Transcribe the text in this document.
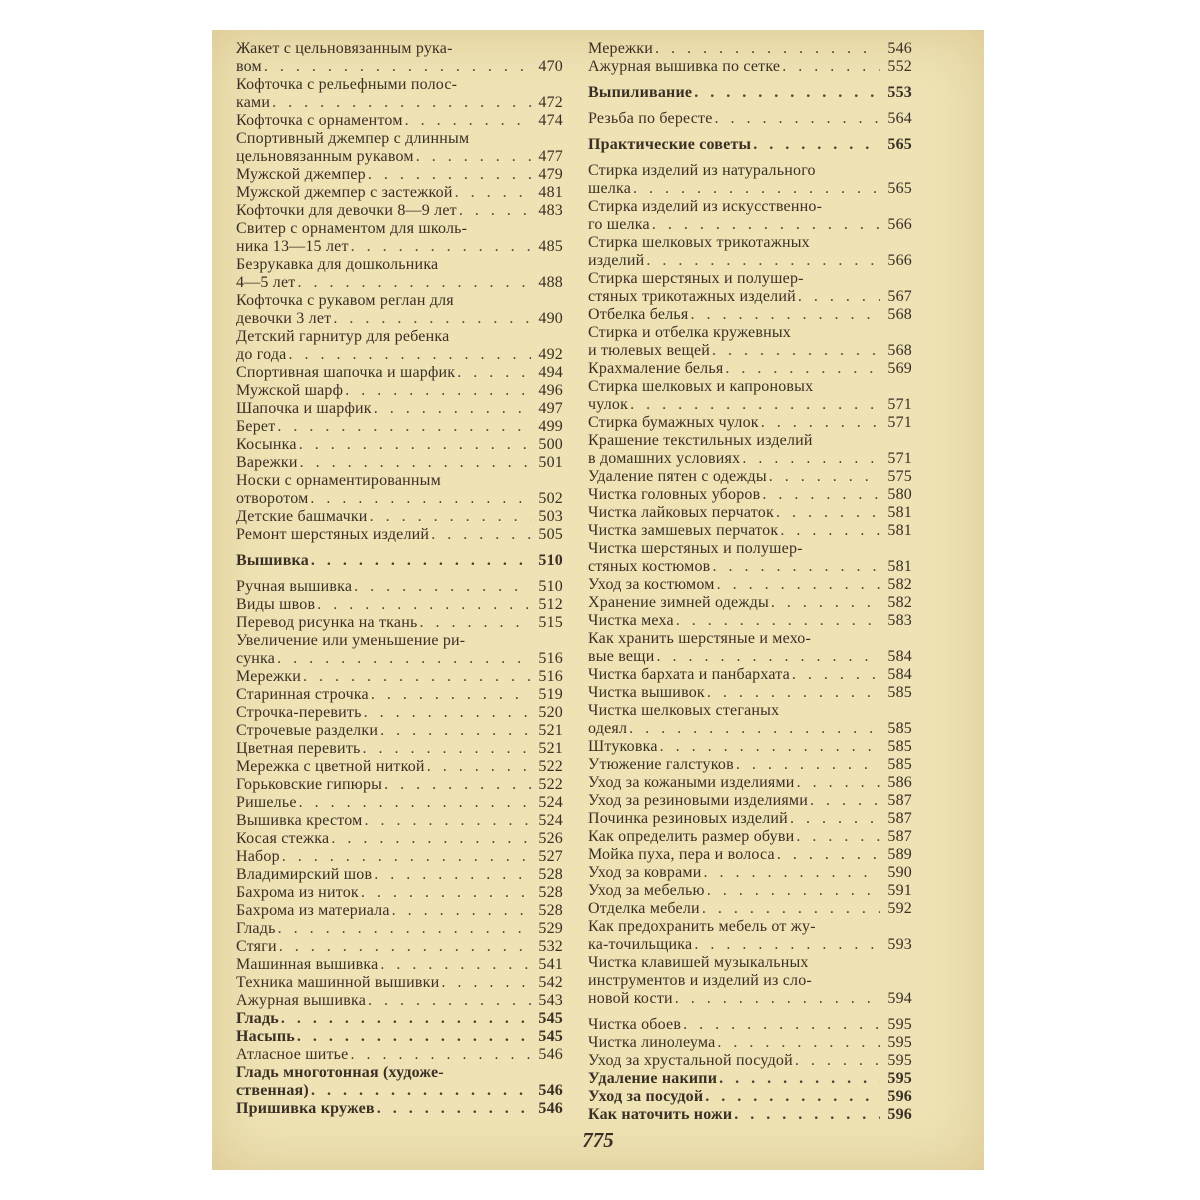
Жакет с цельновязанным рука-
вом . . .	470
Кофточка с рельефными полос-
ками . . .	472
Кофточка с орнаментом . . .	474
Спортивный джемпер с длинным
цельновязанным рукавом . . .	477
Мужской джемпер . . .	479
Мужской джемпер с застежкой . . .	481
Кофточки для девочки 8—9 лет . . .	483
Свитер с орнаментом для школь-
ника 13—15 лет . . .	485
Безрукавка для дошкольника
4—5 лет . . .	488
Кофточка с рукавом реглан для
девочки 3 лет . . .	490
Детский гарнитур для ребенка
до года . . .	492
Спортивная шапочка и шарфик . . .	494
Мужской шарф . . .	496
Шапочка и шарфик . . .	497
Берет . . .	499
Косынка . . .	500
Варежки . . .	501
Носки с орнаментированным
отворотом . . .	502
Детские башмачки . . .	503
Ремонт шерстяных изделий . . .	505
Вышивка . . .	510
Ручная вышивка . . .	510
Виды швов . . .	512
Перевод рисунка на ткань . . .	515
Увеличение или уменьшение ри-
сунка . . .	516
Мережки . . .	516
Старинная строчка . . .	519
Строчка-перевить . . .	520
Строчевые разделки . . .	521
Цветная перевить . . .	521
Мережка с цветной ниткой . . .	522
Горьковские гипюры . . .	522
Ришелье . . .	524
Вышивка крестом . . .	524
Косая стежка . . .	526
Набор . . .	527
Владимирский шов . . .	528
Бахрома из ниток . . .	528
Бахрома из материала . . .	528
Гладь . . .	529
Стяги . . .	532
Машинная вышивка . . .	541
Техника машинной вышивки . . .	542
Ажурная вышивка . . .	543
Гладь . . .	545
Насыпь . . .	545
Атласное шитье . . .	546
Гладь многотонная (художе-
ственная) . . .	546
Пришивка кружев . . .	546
Мережки . . .	546
Ажурная вышивка по сетке . . .	552
Выпиливание . . .	553
Резьба по бересте . . .	564
Практические советы . . .	565
Стирка изделий из натурального
шелка . . .	565
Стирка изделий из искусственно-
го шелка . . .	566
Стирка шелковых трикотажных
изделий . . .	566
Стирка шерстяных и полушер-
стяных трикотажных изделий . . .	567
Отбелка белья . . .	568
Стирка и отбелка кружевных
и тюлевых вещей . . .	568
Крахмаление белья . . .	569
Стирка шелковых и капроновых
чулок . . .	571
Стирка бумажных чулок . . .	571
Крашение текстильных изделий
в домашних условиях . . .	571
Удаление пятен с одежды . . .	575
Чистка головных уборов . . .	580
Чистка лайковых перчаток . . .	581
Чистка замшевых перчаток . . .	581
Чистка шерстяных и полушер-
стяных костюмов . . .	581
Уход за костюмом . . .	582
Хранение зимней одежды . . .	582
Чистка меха . . .	583
Как хранить шерстяные и мехо-
вые вещи . . .	584
Чистка бархата и панбархата . . .	584
Чистка вышивок . . .	585
Чистка шелковых стеганых
одеял . . .	585
Штуковка . . .	585
Утюжение галстуков . . .	585
Уход за кожаными изделиями . . .	586
Уход за резиновыми изделиями . . .	587
Починка резиновых изделий . . .	587
Как определить размер обуви . . .	587
Мойка пуха, пера и волоса . . .	589
Уход за коврами . . .	590
Уход за мебелью . . .	591
Отделка мебели . . .	592
Как предохранить мебель от жу-
ка-точильщика . . .	593
Чистка клавишей музыкальных
инструментов и изделий из сло-
новой кости . . .	594
Чистка обоев . . .	595
Чистка линолеума . . .	595
Уход за хрустальной посудой . . .	595
Удаление накипи . . .	595
Уход за посудой . . .	596
Как наточить ножи . . .	596
775
